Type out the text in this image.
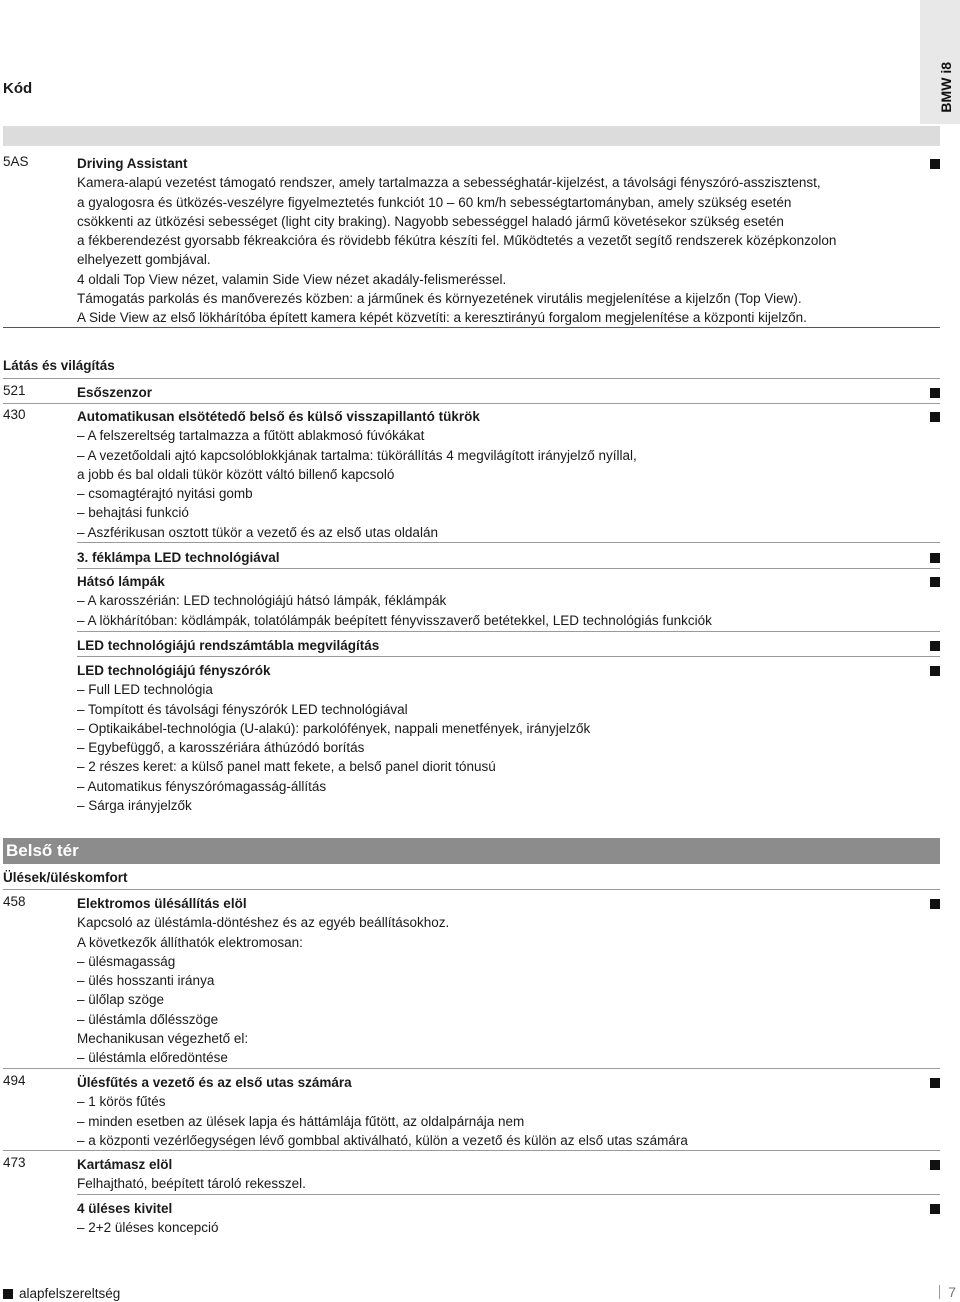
BMW i8
Kód
5AS	Driving Assistant
Kamera-alapú vezetést támogató rendszer, amely tartalmazza a sebességhatár-kijelzést, a távolsági fényszóró-asszisztenst,
a gyalogosra és ütközés-veszélyre figyelmeztetés funkciót 10 – 60 km/h sebességtartományban, amely szükség esetén
csökkenti az ütközési sebességet (light city braking). Nagyobb sebességgel haladó jármű követésekor szükség esetén
a fékberendezést gyorsabb fékreakcióra és rövidebb fékútra készíti fel. Működtetés a vezetőt segítő rendszerek középkonzolon
elhelyezett gombjával.
4 oldali Top View nézet, valamin Side View nézet akadály-felismeréssel.
Támogatás parkolás és manőverezés közben: a járműnek és környezetének virutális megjelenítése a kijelzőn (Top View).
A Side View az első lökhárítóba épített kamera képét közvetíti: a keresztirányú forgalom megjelenítése a központi kijelzőn.
Látás és világítás
521	Esőszenzor
430	Automatikusan elsötétedő belső és külső visszapillantó tükrök
– A felszereltség tartalmazza a fűtött ablakmosó fúvókákat
– A vezetőoldali ajtó kapcsolóblokkjának tartalma: tükörállítás 4 megvilágított irányjelző nyíllal,
a jobb és bal oldali tükör között váltó billenő kapcsoló
– csomagtérajtó nyitási gomb
– behajtási funkció
– Aszférikusan osztott tükör a vezető és az első utas oldalán
3. féklámpa LED technológiával
Hátsó lámpák
– A karosszérián: LED technológiájú hátsó lámpák, féklámpák
– A lökhárítóban: ködlámpák, tolatólámpák beépített fényvisszaverő betétekkel, LED technológiás funkciók
LED technológiájú rendszámtábla megvilágítás
LED technológiájú fényszórók
– Full LED technológia
– Tompított és távolsági fényszórók LED technológiával
– Optikaikábel-technológia (U-alakú): parkolófények, nappali menetfények, irányjelzők
– Egybefüggő, a karosszériára áthúzódó borítás
– 2 részes keret: a külső panel matt fekete, a belső panel diorit tónusú
– Automatikus fényszórómagasság-állítás
– Sárga irányjelzők
Belső tér
Ülések/üléskomfort
458	Elektromos ülésállítás elöl
Kapcsoló az üléstámla-döntéshez és az egyéb beállításokhoz.
A következők állíthatók elektromosan:
– ülésmagasság
– ülés hosszanti iránya
– ülőlap szöge
– üléstámla dőlésszöge
Mechanikusan végezhető el:
– üléstámla előredöntése
494	Ülésfűtés a vezető és az első utas számára
– 1 körös fűtés
– minden esetben az ülések lapja és háttámlája fűtött, az oldalpárnája nem
– a központi vezérlőegységen lévő gombbal aktiválható, külön a vezető és külön az első utas számára
473	Kartámasz elöl
Felhajtható, beépített tároló rekesszel.
4 üléses kivitel
– 2+2 üléses koncepció
alapfelszereltség	7
